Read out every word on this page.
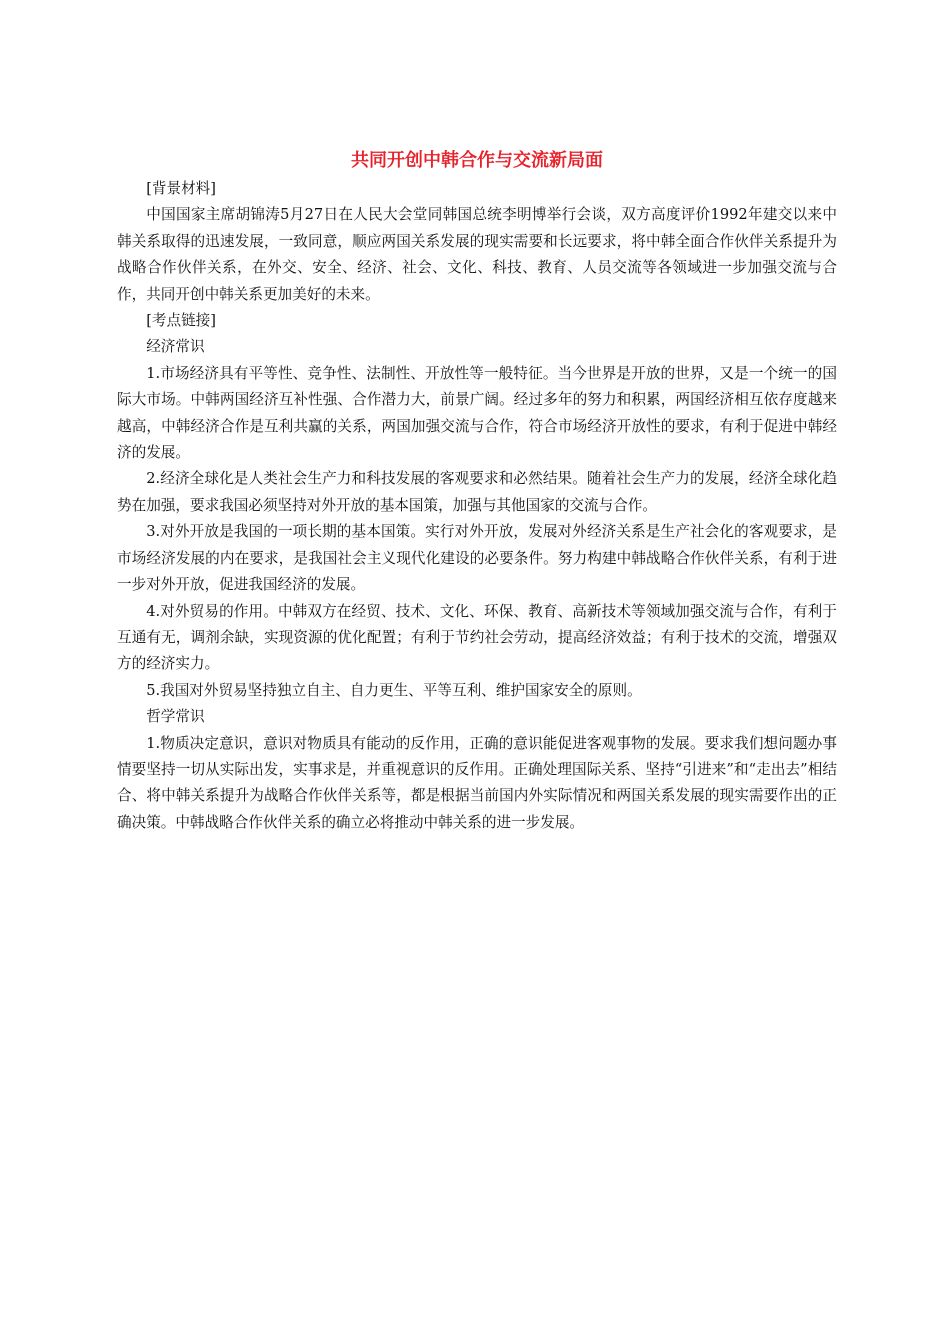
共同开创中韩合作与交流新局面

[背景材料]

中国国家主席胡锦涛5月27日在人民大会堂同韩国总统李明博举行会谈，双方高度评价1992年建交以来中韩关系取得的迅速发展，一致同意，顺应两国关系发展的现实需要和长远要求，将中韩全面合作伙伴关系提升为战略合作伙伴关系，在外交、安全、经济、社会、文化、科技、教育、人员交流等各领域进一步加强交流与合作，共同开创中韩关系更加美好的未来。

[考点链接]

经济常识

1.市场经济具有平等性、竞争性、法制性、开放性等一般特征。当今世界是开放的世界，又是一个统一的国际大市场。中韩两国经济互补性强、合作潜力大，前景广阔。经过多年的努力和积累，两国经济相互依存度越来越高，中韩经济合作是互利共赢的关系，两国加强交流与合作，符合市场经济开放性的要求，有利于促进中韩经济的发展。

2.经济全球化是人类社会生产力和科技发展的客观要求和必然结果。随着社会生产力的发展，经济全球化趋势在加强，要求我国必须坚持对外开放的基本国策，加强与其他国家的交流与合作。

3.对外开放是我国的一项长期的基本国策。实行对外开放，发展对外经济关系是生产社会化的客观要求，是市场经济发展的内在要求，是我国社会主义现代化建设的必要条件。努力构建中韩战略合作伙伴关系，有利于进一步对外开放，促进我国经济的发展。

4.对外贸易的作用。中韩双方在经贸、技术、文化、环保、教育、高新技术等领域加强交流与合作，有利于互通有无，调剂余缺，实现资源的优化配置；有利于节约社会劳动，提高经济效益；有利于技术的交流，增强双方的经济实力。

5.我国对外贸易坚持独立自主、自力更生、平等互利、维护国家安全的原则。

哲学常识

1.物质决定意识，意识对物质具有能动的反作用，正确的意识能促进客观事物的发展。要求我们想问题办事情要坚持一切从实际出发，实事求是，并重视意识的反作用。正确处理国际关系、坚持“引进来”和“走出去”相结合、将中韩关系提升为战略合作伙伴关系等，都是根据当前国内外实际情况和两国关系发展的现实需要作出的正确决策。中韩战略合作伙伴关系的确立必将推动中韩关系的进一步发展。
